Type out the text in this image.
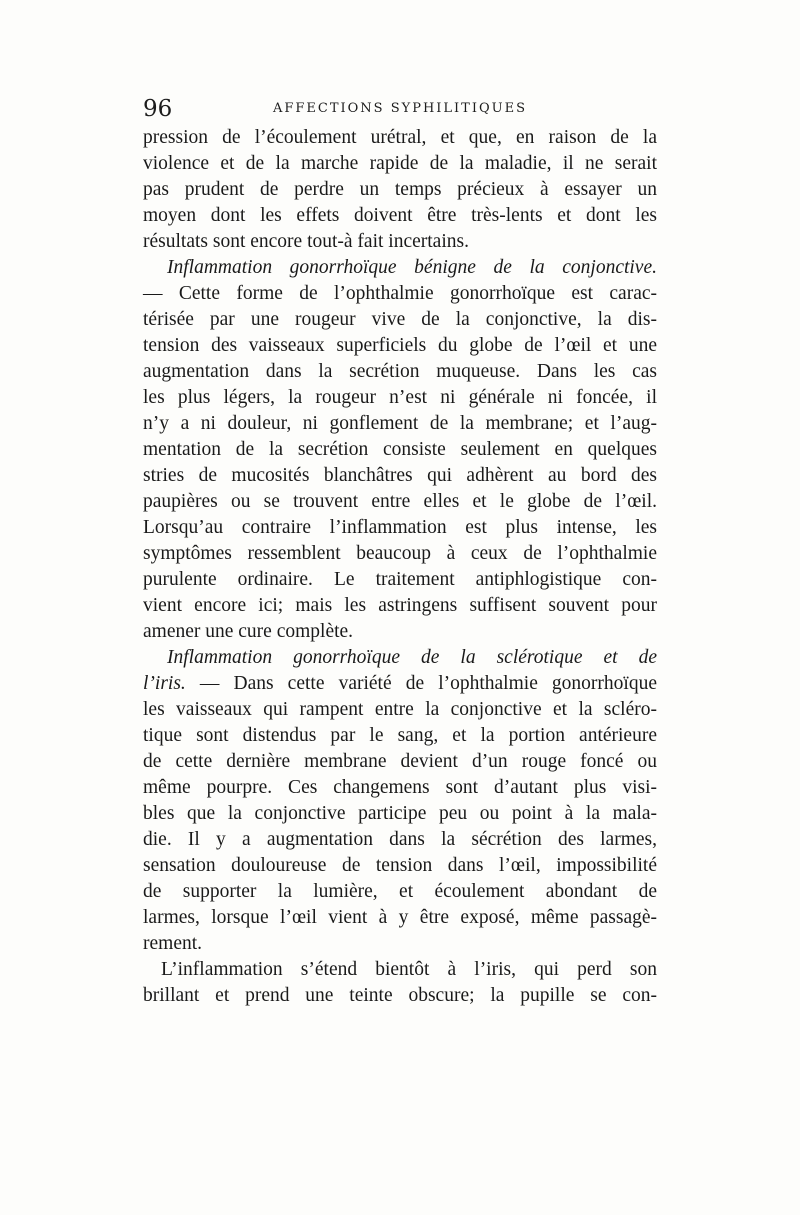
96	AFFECTIONS SYPHILITIQUES
pression de l’écoulement urétral, et que, en raison de la
violence et de la marche rapide de la maladie, il ne serait
pas prudent de perdre un temps précieux à essayer un
moyen dont les effets doivent être très-lents et dont les
résultats sont encore tout-à fait incertains.
Inflammation gonorrhoïque bénigne de la conjonctive.
— Cette forme de l’ophthalmie gonorrhoïque est carac-
térisée par une rougeur vive de la conjonctive, la dis-
tension des vaisseaux superficiels du globe de l’œil et une
augmentation dans la secrétion muqueuse. Dans les cas
les plus légers, la rougeur n’est ni générale ni foncée, il
n’y a ni douleur, ni gonflement de la membrane; et l’aug-
mentation de la secrétion consiste seulement en quelques
stries de mucosités blanchâtres qui adhèrent au bord des
paupières ou se trouvent entre elles et le globe de l’œil.
Lorsqu’au contraire l’inflammation est plus intense, les
symptômes ressemblent beaucoup à ceux de l’ophthalmie
purulente ordinaire. Le traitement antiphlogistique con-
vient encore ici; mais les astringens suffisent souvent pour
amener une cure complète.
Inflammation gonorrhoïque de la sclérotique et de
l’iris. — Dans cette variété de l’ophthalmie gonorrhoïque
les vaisseaux qui rampent entre la conjonctive et la scléro-
tique sont distendus par le sang, et la portion antérieure
de cette dernière membrane devient d’un rouge foncé ou
même pourpre. Ces changemens sont d’autant plus visi-
bles que la conjonctive participe peu ou point à la mala-
die. Il y a augmentation dans la sécrétion des larmes,
sensation douloureuse de tension dans l’œil, impossibilité
de supporter la lumière, et écoulement abondant de
larmes, lorsque l’œil vient à y être exposé, même passagè-
rement.
L’inflammation s’étend bientôt à l’iris, qui perd son
brillant et prend une teinte obscure; la pupille se con-
